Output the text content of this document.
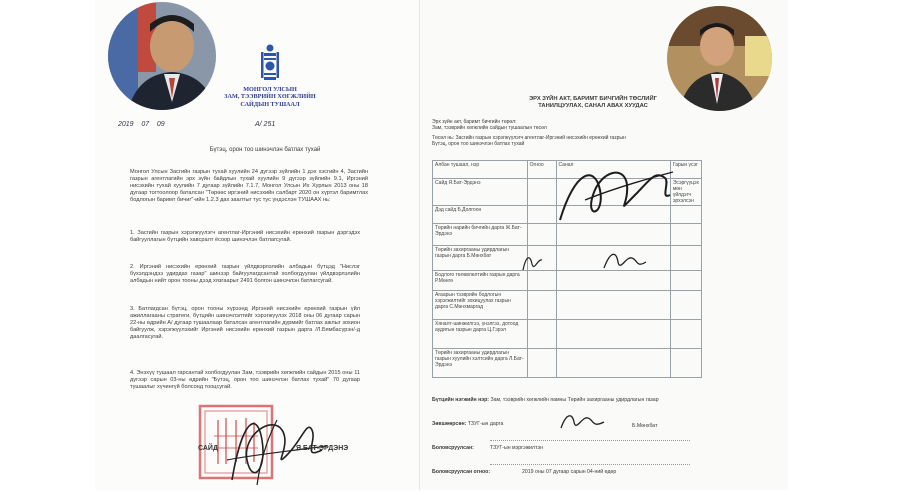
МОНГОЛ УЛСЫН
ЗАМ, ТЭЭВРИЙН ХӨГЖЛИЙН
САЙДЫН ТУШААЛ
2019    07    09	A/ 251
Бүтэц, орон тоо шинэчлэн батлах тухай
Монгол Улсын Засгийн газрын тухай хуулийн 24 дүгээр зүйлийн 1 дэх хэсгийн 4, Засгийн газрын агентлагийн эрх зүйн байдлын тухай хуулийн 9 дүгээр зүйлийн 9.1, Иргэний нисэхийн тухай хуулийн 7 дугаар зүйлийн 7.1.7, Монгол Улсын Их Хурлын 2013 оны 18 дугаар тогтоолоор баталсан "Төрөөс иргэний нисэхийн салбарт 2020 он хүртэл баримтлах бодлогын баримт бичиг"-ийн 1.2.3 дах заалтыг тус тус үндэслэн ТУШААХ нь:
1. Засгийн газрын хэрэгжүүлэгч агентлаг-Иргэний нисэхийн ерөнхий газрын дэргэдэх байгууллагын бүтцийн хавсралт ёсоор шинэчлэн батлагсугай.
2. Иргэний нисэхийн ерөнхий газрын үйлдвэрлэлийн албадын бүтцэд "Нислэг бүхэлдэндээ удирдах газар" шинээр байгуулагдсантай холбогдуулан үйлдвэрлэлийн албадын нийт орон тооны дээд хязгаарыг 2491 болгон шинэчлэн батлагсугай.
3. Батлагдсан бүтэц, орон тооны хүрээнд Иргэний нисэхийн ерөнхий газрын үйл ажиллагааны стратеги, бүтцийн шинэчлэлтийг хэрэгжүүлэх 2018 оны 06 дугаар сарын 22-ны өдрийн А/ дугаар тушаалаар баталсан агентлагийн дүрмийг батлах ажлыг зохион байгуулж, хэрэгжүүлэхийг Иргэний нисэхийн ерөнхий газрын дарга /Л.Бямбасүрэн/-д даалгасугай.
4. Энэхүү тушаал гарсантай холбогдуулан Зам, тээврийн хөгжлийн сайдын 2015 оны 11 дүгээр сарын 03-ны өдрийн "Бүтэц, орон тоо шинэчлэн батлах тухай" 70 дугаар тушаалыг хүчингүй болсонд тооцсугай.
САЙД	Я.БАТ-ЭРДЭНЭ
ЭРХ ЗҮЙН АКТ, БАРИМТ БИЧГИЙН ТӨСЛИЙГ
ТАНИЛЦУУЛАХ, САНАЛ АВАХ ХУУДАС
Эрх зүйн акт, баримт бичгийн төрөл:
Зам, тээврийн хөгжлийн сайдын тушаалын төсөл
Төсөл нь: Засгийн газрын хэрэгжүүлэгч агентлаг-Иргэний нисэхийн ерөнхий газрын
Бүтэц, орон тоо шинэчлэн батлах тухай
Албан тушаал, нэр	Огноо	Санал	Гарын үсэг
Сайд Я.Бат-Эрдэнэ			Эсэргүүцэх мөн үйлдэгч эрхэлсэн
Дэд сайд Б.Долгоон			
Төрийн нарийн бичгийн дарга Ж.Бат-Эрдэнэ			
Төрийн захиргааны удирдлагын газрын дарга Б.Мөнхбат			
Бодлого төлөвлөлтийн газрын дарга Р.Мөнгө			
Агаарын тээврийн бодлогын хэрэгжилтийг зохицуулах газрын дарга С.Мөнхмаргад			
Хяналт-шинжилгээ, үнэлгээ, дотоод аудитын газрын дарга Ц.Гэрэл			
Төрийн захиргааны удирдлагын газрын хуулийн хэлтсийн дарга Л.Бат-Эрдэнэ			
Бүтцийн нэгжийн нэр: Зам, тээврийн хөгжлийн яамны Төрийн захиргааны удирдлагын газар
Зөвшөөрсөн: ТЗУГ-ын дарга	Б.Мөнхбат
Боловсруулсан:	ТЗУГ-ын мэргэжилтэн
Боловсруулсан огноо:	2019 оны 07 дугаар сарын 04-ний өдөр
